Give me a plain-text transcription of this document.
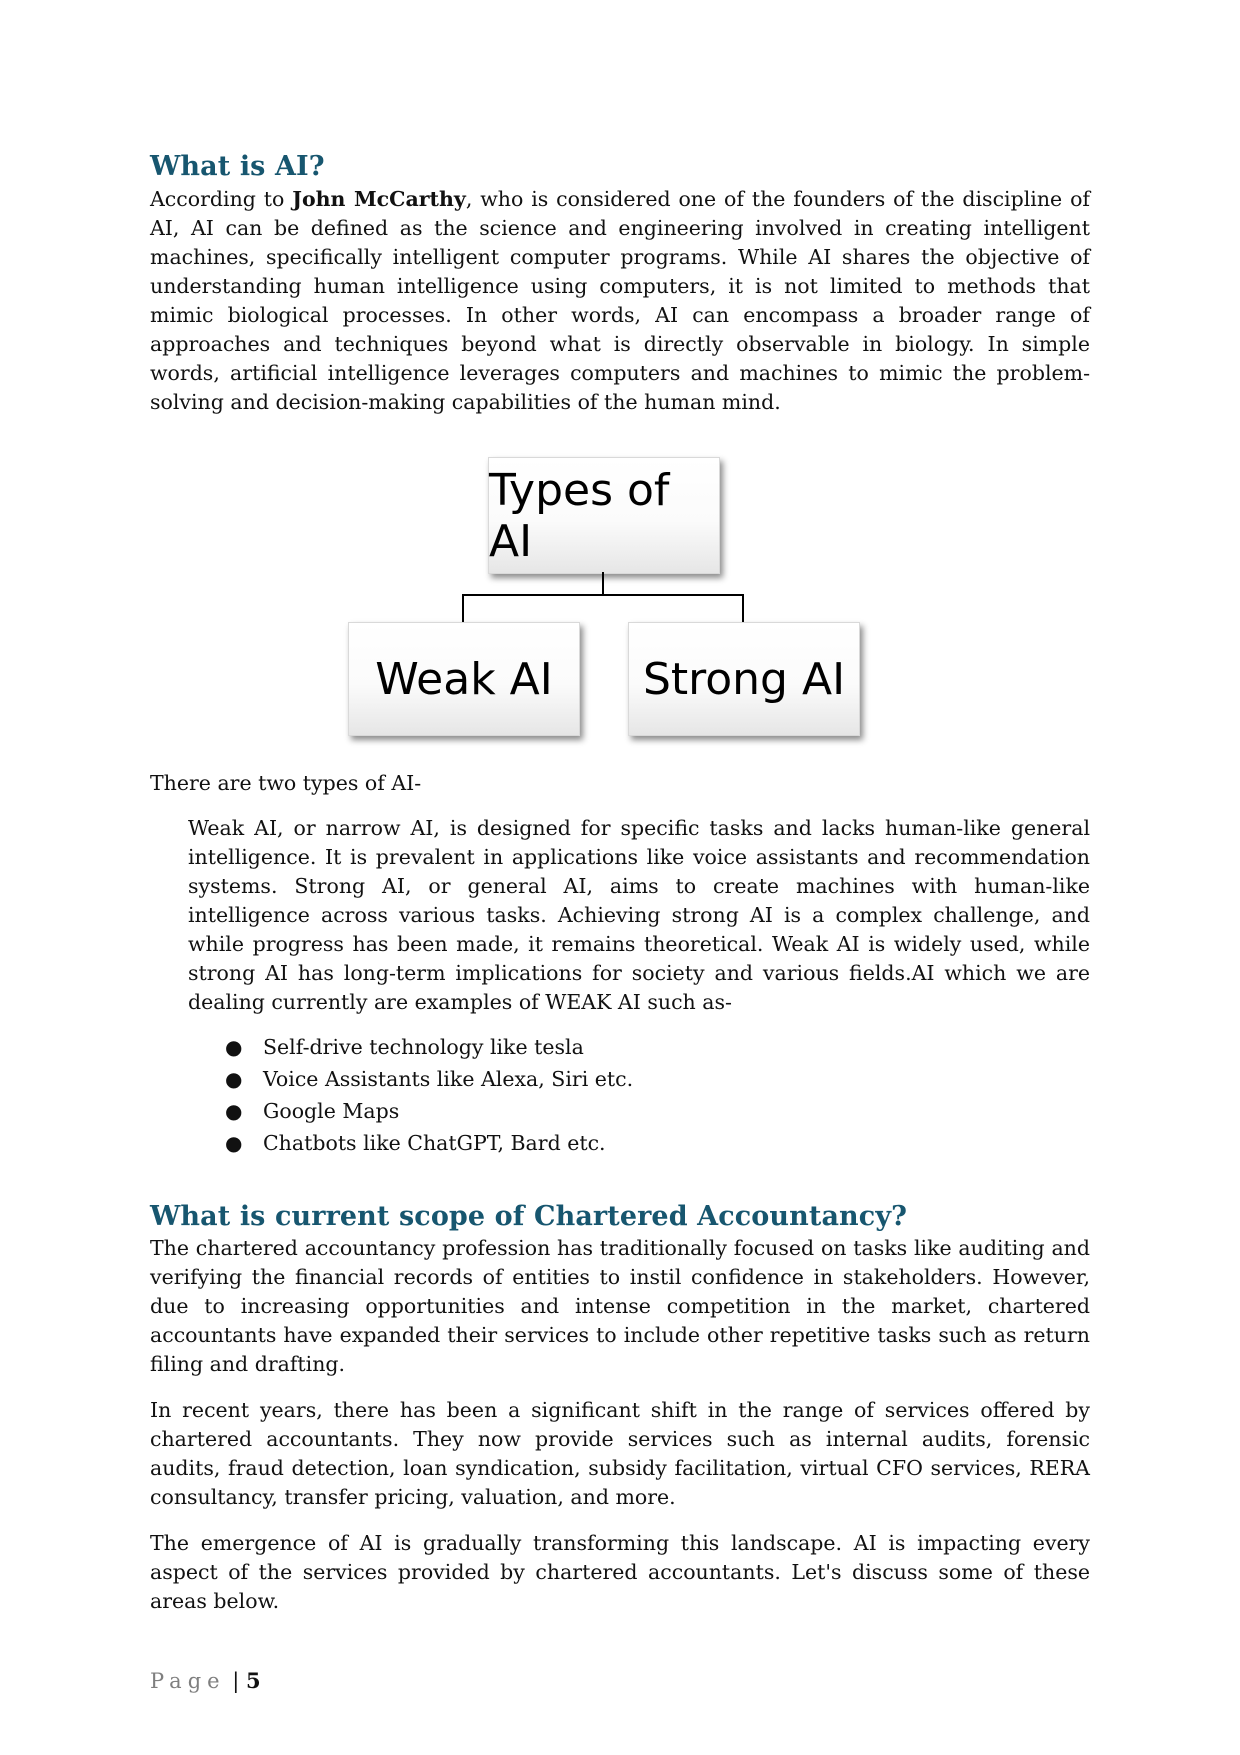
What is AI?

According to John McCarthy, who is considered one of the founders of the discipline of AI, AI can be defined as the science and engineering involved in creating intelligent machines, specifically intelligent computer programs. While AI shares the objective of understanding human intelligence using computers, it is not limited to methods that mimic biological processes. In other words, AI can encompass a broader range of approaches and techniques beyond what is directly observable in biology. In simple words, artificial intelligence leverages computers and machines to mimic the problem-solving and decision-making capabilities of the human mind.

Types of AI
Weak AI Strong AI

There are two types of AI-

Weak AI, or narrow AI, is designed for specific tasks and lacks human-like general intelligence. It is prevalent in applications like voice assistants and recommendation systems. Strong AI, or general AI, aims to create machines with human-like intelligence across various tasks. Achieving strong AI is a complex challenge, and while progress has been made, it remains theoretical. Weak AI is widely used, while strong AI has long-term implications for society and various fields.AI which we are dealing currently are examples of WEAK AI such as-

● Self-drive technology like tesla
● Voice Assistants like Alexa, Siri etc.
● Google Maps
● Chatbots like ChatGPT, Bard etc.
What is current scope of Chartered Accountancy?

The chartered accountancy profession has traditionally focused on tasks like auditing and verifying the financial records of entities to instil confidence in stakeholders. However, due to increasing opportunities and intense competition in the market, chartered accountants have expanded their services to include other repetitive tasks such as return filing and drafting.

In recent years, there has been a significant shift in the range of services offered by chartered accountants. They now provide services such as internal audits, forensic audits, fraud detection, loan syndication, subsidy facilitation, virtual CFO services, RERA consultancy, transfer pricing, valuation, and more.

The emergence of AI is gradually transforming this landscape. AI is impacting every aspect of the services provided by chartered accountants. Let's discuss some of these areas below.

Page | 5
